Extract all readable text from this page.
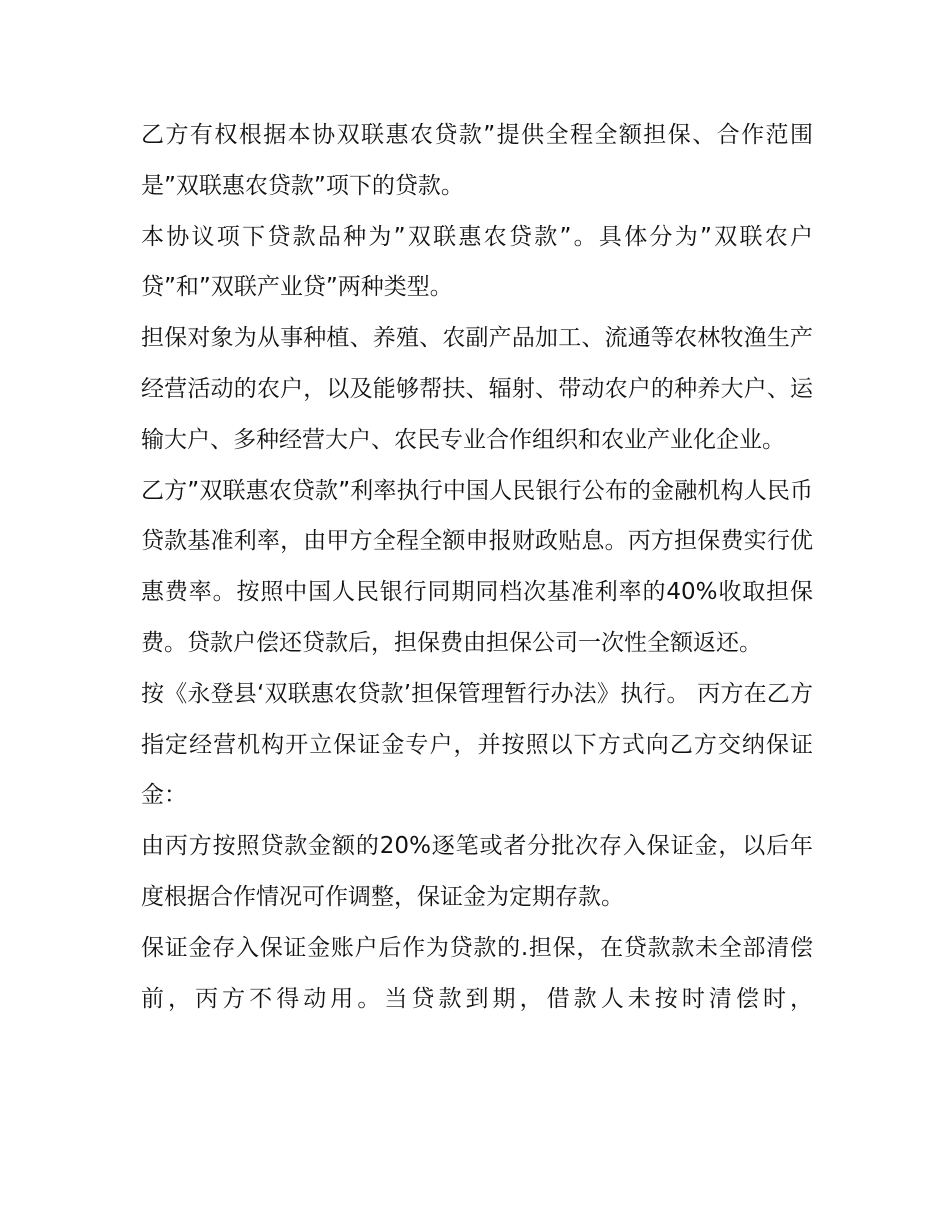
乙方有权根据本协双联惠农贷款”提供全程全额担保、合作范围是”双联惠农贷款”项下的贷款。

本协议项下贷款品种为”双联惠农贷款”。具体分为”双联农户贷”和”双联产业贷”两种类型。

担保对象为从事种植、养殖、农副产品加工、流通等农林牧渔生产经营活动的农户，以及能够帮扶、辐射、带动农户的种养大户、运输大户、多种经营大户、农民专业合作组织和农业产业化企业。

乙方”双联惠农贷款”利率执行中国人民银行公布的金融机构人民币贷款基准利率，由甲方全程全额申报财政贴息。丙方担保费实行优惠费率。按照中国人民银行同期同档次基准利率的40%收取担保费。贷款户偿还贷款后，担保费由担保公司一次性全额返还。

按《永登县‘双联惠农贷款’担保管理暂行办法》执行。 丙方在乙方指定经营机构开立保证金专户，并按照以下方式向乙方交纳保证金：

由丙方按照贷款金额的20%逐笔或者分批次存入保证金，以后年度根据合作情况可作调整，保证金为定期存款。

保证金存入保证金账户后作为贷款的.担保，在贷款款未全部清偿前，丙方不得动用。当贷款到期，借款人未按时清偿时，
